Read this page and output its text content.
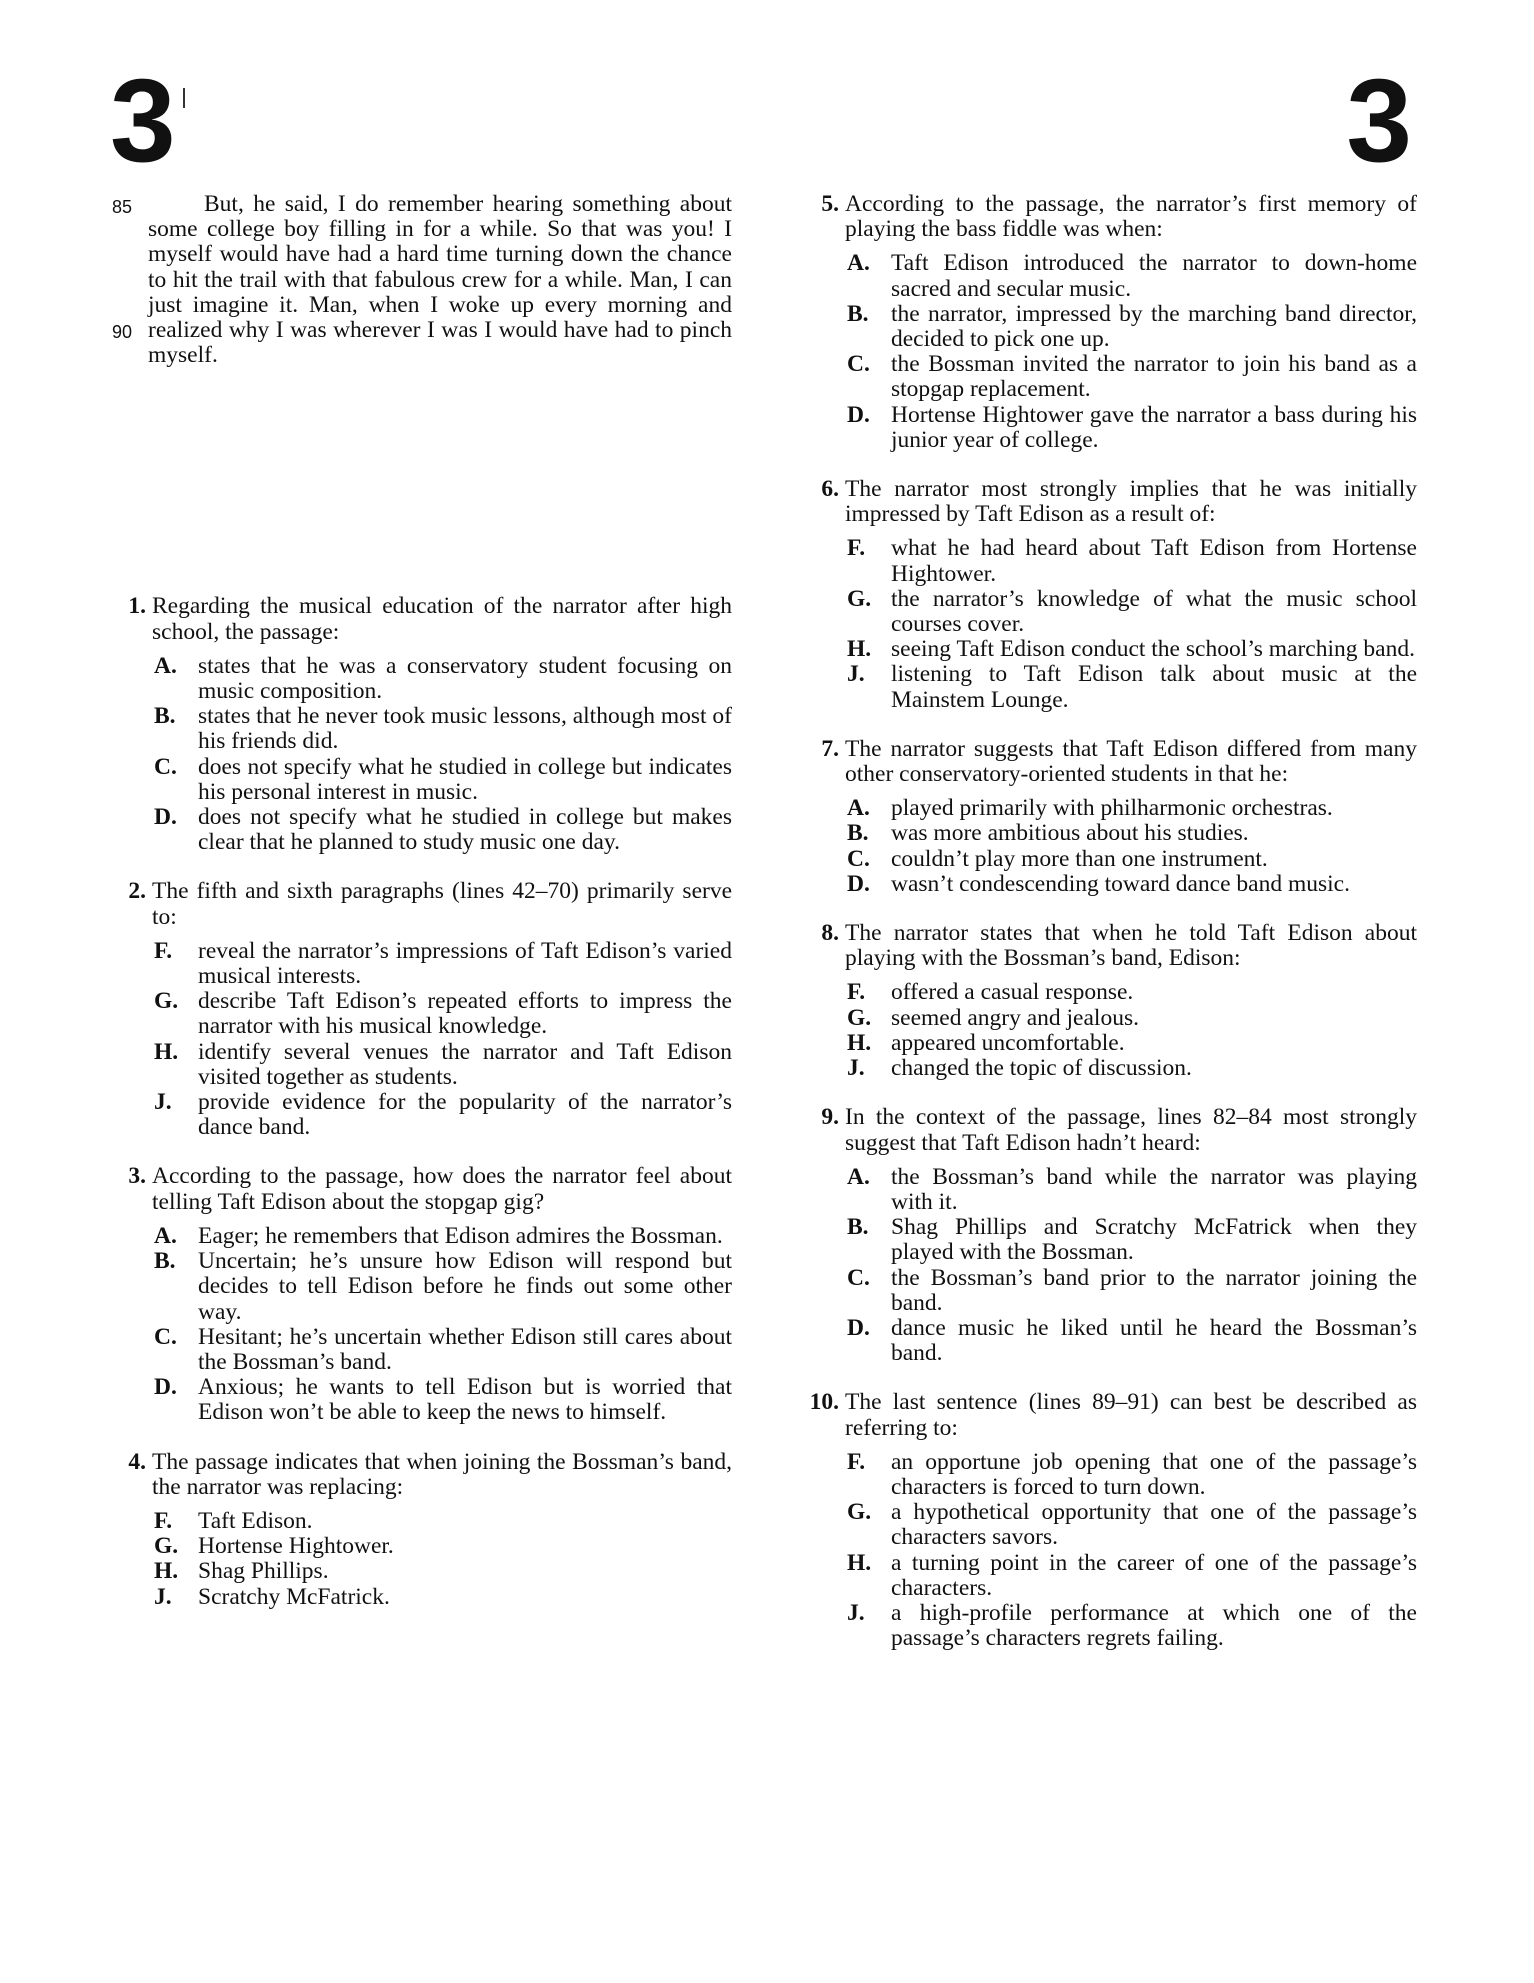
3	3
85
90

But, he said, I do remember hearing something about some college boy filling in for a while. So that was you! I myself would have had a hard time turning down the chance to hit the trail with that fabulous crew for a while. Man, I can just imagine it. Man, when I woke up every morning and realized why I was wherever I was I would have had to pinch myself.

1. Regarding the musical education of the narrator after high school, the passage:
A. states that he was a conservatory student focusing on music composition.
B. states that he never took music lessons, although most of his friends did.
C. does not specify what he studied in college but indicates his personal interest in music.
D. does not specify what he studied in college but makes clear that he planned to study music one day.
2. The fifth and sixth paragraphs (lines 42–70) primarily serve to:
F. reveal the narrator’s impressions of Taft Edison’s varied musical interests.
G. describe Taft Edison’s repeated efforts to impress the narrator with his musical knowledge.
H. identify several venues the narrator and Taft Edison visited together as students.
J. provide evidence for the popularity of the narrator’s dance band.
3. According to the passage, how does the narrator feel about telling Taft Edison about the stopgap gig?
A. Eager; he remembers that Edison admires the Bossman.
B. Uncertain; he’s unsure how Edison will respond but decides to tell Edison before he finds out some other way.
C. Hesitant; he’s uncertain whether Edison still cares about the Bossman’s band.
D. Anxious; he wants to tell Edison but is worried that Edison won’t be able to keep the news to himself.
4. The passage indicates that when joining the Bossman’s band, the narrator was replacing:
F. Taft Edison.
G. Hortense Hightower.
H. Shag Phillips.
J. Scratchy McFatrick.
5. According to the passage, the narrator’s first memory of playing the bass fiddle was when:
A. Taft Edison introduced the narrator to down-home sacred and secular music.
B. the narrator, impressed by the marching band director, decided to pick one up.
C. the Bossman invited the narrator to join his band as a stopgap replacement.
D. Hortense Hightower gave the narrator a bass during his junior year of college.
6. The narrator most strongly implies that he was initially impressed by Taft Edison as a result of:
F. what he had heard about Taft Edison from Hortense Hightower.
G. the narrator’s knowledge of what the music school courses cover.
H. seeing Taft Edison conduct the school’s marching band.
J. listening to Taft Edison talk about music at the Mainstem Lounge.
7. The narrator suggests that Taft Edison differed from many other conservatory-oriented students in that he:
A. played primarily with philharmonic orchestras.
B. was more ambitious about his studies.
C. couldn’t play more than one instrument.
D. wasn’t condescending toward dance band music.
8. The narrator states that when he told Taft Edison about playing with the Bossman’s band, Edison:
F. offered a casual response.
G. seemed angry and jealous.
H. appeared uncomfortable.
J. changed the topic of discussion.
9. In the context of the passage, lines 82–84 most strongly suggest that Taft Edison hadn’t heard:
A. the Bossman’s band while the narrator was playing with it.
B. Shag Phillips and Scratchy McFatrick when they played with the Bossman.
C. the Bossman’s band prior to the narrator joining the band.
D. dance music he liked until he heard the Bossman’s band.
10. The last sentence (lines 89–91) can best be described as referring to:
F. an opportune job opening that one of the passage’s characters is forced to turn down.
G. a hypothetical opportunity that one of the passage’s characters savors.
H. a turning point in the career of one of the passage’s characters.
J. a high-profile performance at which one of the passage’s characters regrets failing.
